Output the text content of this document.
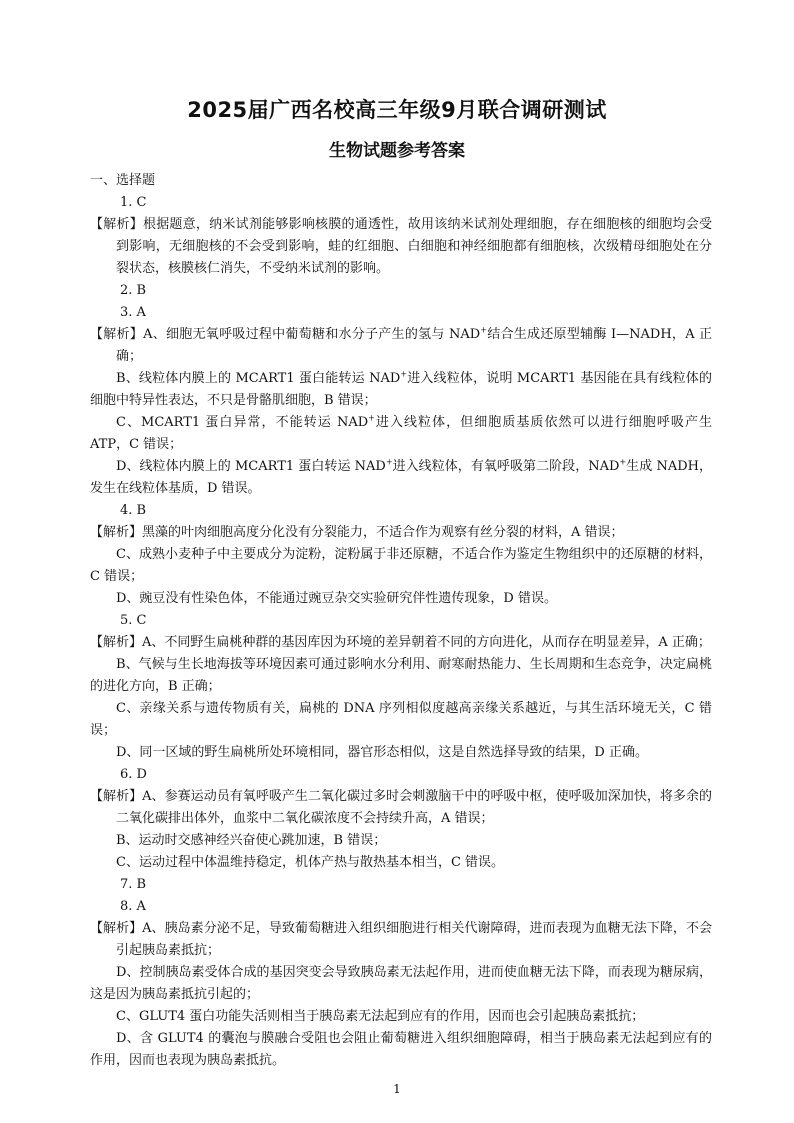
2025届广西名校高三年级9月联合调研测试
生物试题参考答案

一、选择题

1. C

【解析】根据题意，纳米试剂能够影响核膜的通透性，故用该纳米试剂处理细胞，存在细胞核的细胞均会受到影响，无细胞核的不会受到影响，蛙的红细胞、白细胞和神经细胞都有细胞核，次级精母细胞处在分裂状态，核膜核仁消失，不受纳米试剂的影响。

2. B

3. A

【解析】A、细胞无氧呼吸过程中葡萄糖和水分子产生的氢与 NAD+结合生成还原型辅酶 I—NADH，A 正确；

B、线粒体内膜上的 MCART1 蛋白能转运 NAD+进入线粒体，说明 MCART1 基因能在具有线粒体的细胞中特异性表达，不只是骨骼肌细胞，B 错误；

C、MCART1 蛋白异常，不能转运 NAD+进入线粒体，但细胞质基质依然可以进行细胞呼吸产生 ATP，C 错误；

D、线粒体内膜上的 MCART1 蛋白转运 NAD+进入线粒体，有氧呼吸第二阶段，NAD+生成 NADH，发生在线粒体基质，D 错误。

4. B

【解析】黑藻的叶肉细胞高度分化没有分裂能力，不适合作为观察有丝分裂的材料，A 错误；

C、成熟小麦种子中主要成分为淀粉，淀粉属于非还原糖，不适合作为鉴定生物组织中的还原糖的材料，C 错误；

D、豌豆没有性染色体，不能通过豌豆杂交实验研究伴性遗传现象，D 错误。

5. C

【解析】A、不同野生扁桃种群的基因库因为环境的差异朝着不同的方向进化，从而存在明显差异，A 正确；

B、气候与生长地海拔等环境因素可通过影响水分利用、耐寒耐热能力、生长周期和生态竞争，决定扁桃的进化方向，B 正确；

C、亲缘关系与遗传物质有关，扁桃的 DNA 序列相似度越高亲缘关系越近，与其生活环境无关，C 错误；

D、同一区域的野生扁桃所处环境相同，器官形态相似，这是自然选择导致的结果，D 正确。

6. D

【解析】A、参赛运动员有氧呼吸产生二氧化碳过多时会刺激脑干中的呼吸中枢，使呼吸加深加快，将多余的二氧化碳排出体外，血浆中二氧化碳浓度不会持续升高，A 错误；

B、运动时交感神经兴奋使心跳加速，B 错误；

C、运动过程中体温维持稳定，机体产热与散热基本相当，C 错误。

7. B

8. A

【解析】A、胰岛素分泌不足，导致葡萄糖进入组织细胞进行相关代谢障碍，进而表现为血糖无法下降，不会引起胰岛素抵抗；

D、控制胰岛素受体合成的基因突变会导致胰岛素无法起作用，进而使血糖无法下降，而表现为糖尿病，这是因为胰岛素抵抗引起的；

C、GLUT4 蛋白功能失活则相当于胰岛素无法起到应有的作用，因而也会引起胰岛素抵抗；

D、含 GLUT4 的囊泡与膜融合受阻也会阻止葡萄糖进入组织细胞障碍，相当于胰岛素无法起到应有的作用，因而也表现为胰岛素抵抗。

1
